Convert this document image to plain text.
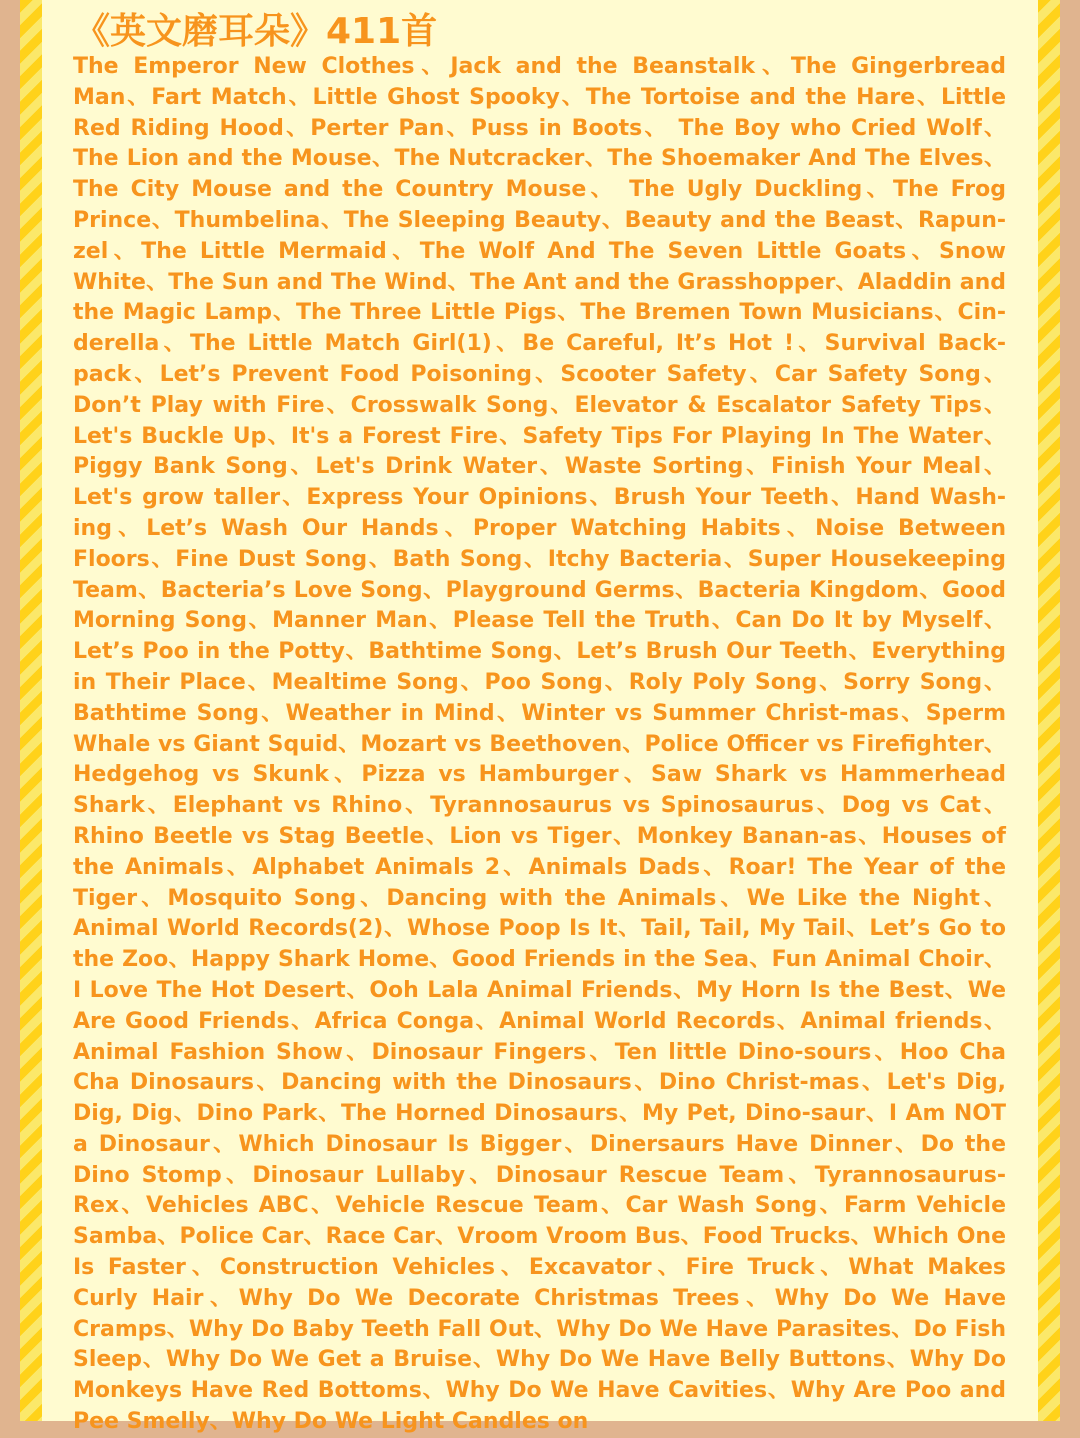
《英文磨耳朵》411首

The Emperor New Clothes、Jack and the Beanstalk、The Gingerbread Man、Fart Match、Little Ghost Spooky、The Tortoise and the Hare、Little Red Riding Hood、Perter Pan、Puss in Boots、 The Boy who Cried Wolf、The Lion and the Mouse、The Nutcracker、The Shoemaker And The Elves、The City Mouse and the Country Mouse、 The Ugly Duckling、The Frog Prince、Thumbelina、The Sleeping Beauty、Beauty and the Beast、Rapun-zel、The Little Mermaid、The Wolf And The Seven Little Goats、Snow White、The Sun and The Wind、The Ant and the Grasshopper、Aladdin and the Magic Lamp、The Three Little Pigs、The Bremen Town Musicians、Cin-derella、The Little Match Girl(1)、Be Careful, It’s Hot !、Survival Back-pack、Let’s Prevent Food Poisoning、Scooter Safety、Car Safety Song、Don’t Play with Fire、Crosswalk Song、Elevator & Escalator Safety Tips、Let's Buckle Up、It's a Forest Fire、Safety Tips For Playing In The Water、Piggy Bank Song、Let's Drink Water、Waste Sorting、Finish Your Meal、Let's grow taller、Express Your Opinions、Brush Your Teeth、Hand Wash-ing、Let’s Wash Our Hands、Proper Watching Habits、Noise Between Floors、Fine Dust Song、Bath Song、Itchy Bacteria、Super Housekeeping Team、Bacteria’s Love Song、Playground Germs、Bacteria Kingdom、Good Morning Song、Manner Man、Please Tell the Truth、Can Do It by Myself、Let’s Poo in the Potty、Bathtime Song、Let’s Brush Our Teeth、Everything in Their Place、Mealtime Song、Poo Song、Roly Poly Song、Sorry Song、Bathtime Song、Weather in Mind、Winter vs Summer Christ-mas、Sperm Whale vs Giant Squid、Mozart vs Beethoven、Police Officer vs Firefighter、Hedgehog vs Skunk、Pizza vs Hamburger、Saw Shark vs Hammerhead Shark、Elephant vs Rhino、Tyrannosaurus vs Spinosaurus、Dog vs Cat、Rhino Beetle vs Stag Beetle、Lion vs Tiger、Monkey Banan-as、Houses of the Animals、Alphabet Animals 2、Animals Dads、Roar! The Year of the Tiger、Mosquito Song、Dancing with the Animals、We Like the Night、Animal World Records(2)、Whose Poop Is It、Tail, Tail, My Tail、Let’s Go to the Zoo、Happy Shark Home、Good Friends in the Sea、Fun Animal Choir、I Love The Hot Desert、Ooh Lala Animal Friends、My Horn Is the Best、We Are Good Friends、Africa Conga、Animal World Records、Animal friends、Animal Fashion Show、Dinosaur Fingers、Ten little Dino-sours、Hoo Cha Cha Dinosaurs、Dancing with the Dinosaurs、Dino Christ-mas、Let's Dig, Dig, Dig、Dino Park、The Horned Dinosaurs、My Pet, Dino-saur、I Am NOT a Dinosaur、Which Dinosaur Is Bigger、Dinersaurs Have Dinner、Do the Dino Stomp、Dinosaur Lullaby、Dinosaur Rescue Team、Tyrannosaurus-Rex、Vehicles ABC、Vehicle Rescue Team、Car Wash Song、Farm Vehicle Samba、Police Car、Race Car、Vroom Vroom Bus、Food Trucks、Which One Is Faster、Construction Vehicles、Excavator、Fire Truck、What Makes Curly Hair、Why Do We Decorate Christmas Trees、Why Do We Have Cramps、Why Do Baby Teeth Fall Out、Why Do We Have Parasites、Do Fish Sleep、Why Do We Get a Bruise、Why Do We Have Belly Buttons、Why Do Monkeys Have Red Bottoms、Why Do We Have Cavities、Why Are Poo and Pee Smelly、Why Do We Light Candles on
